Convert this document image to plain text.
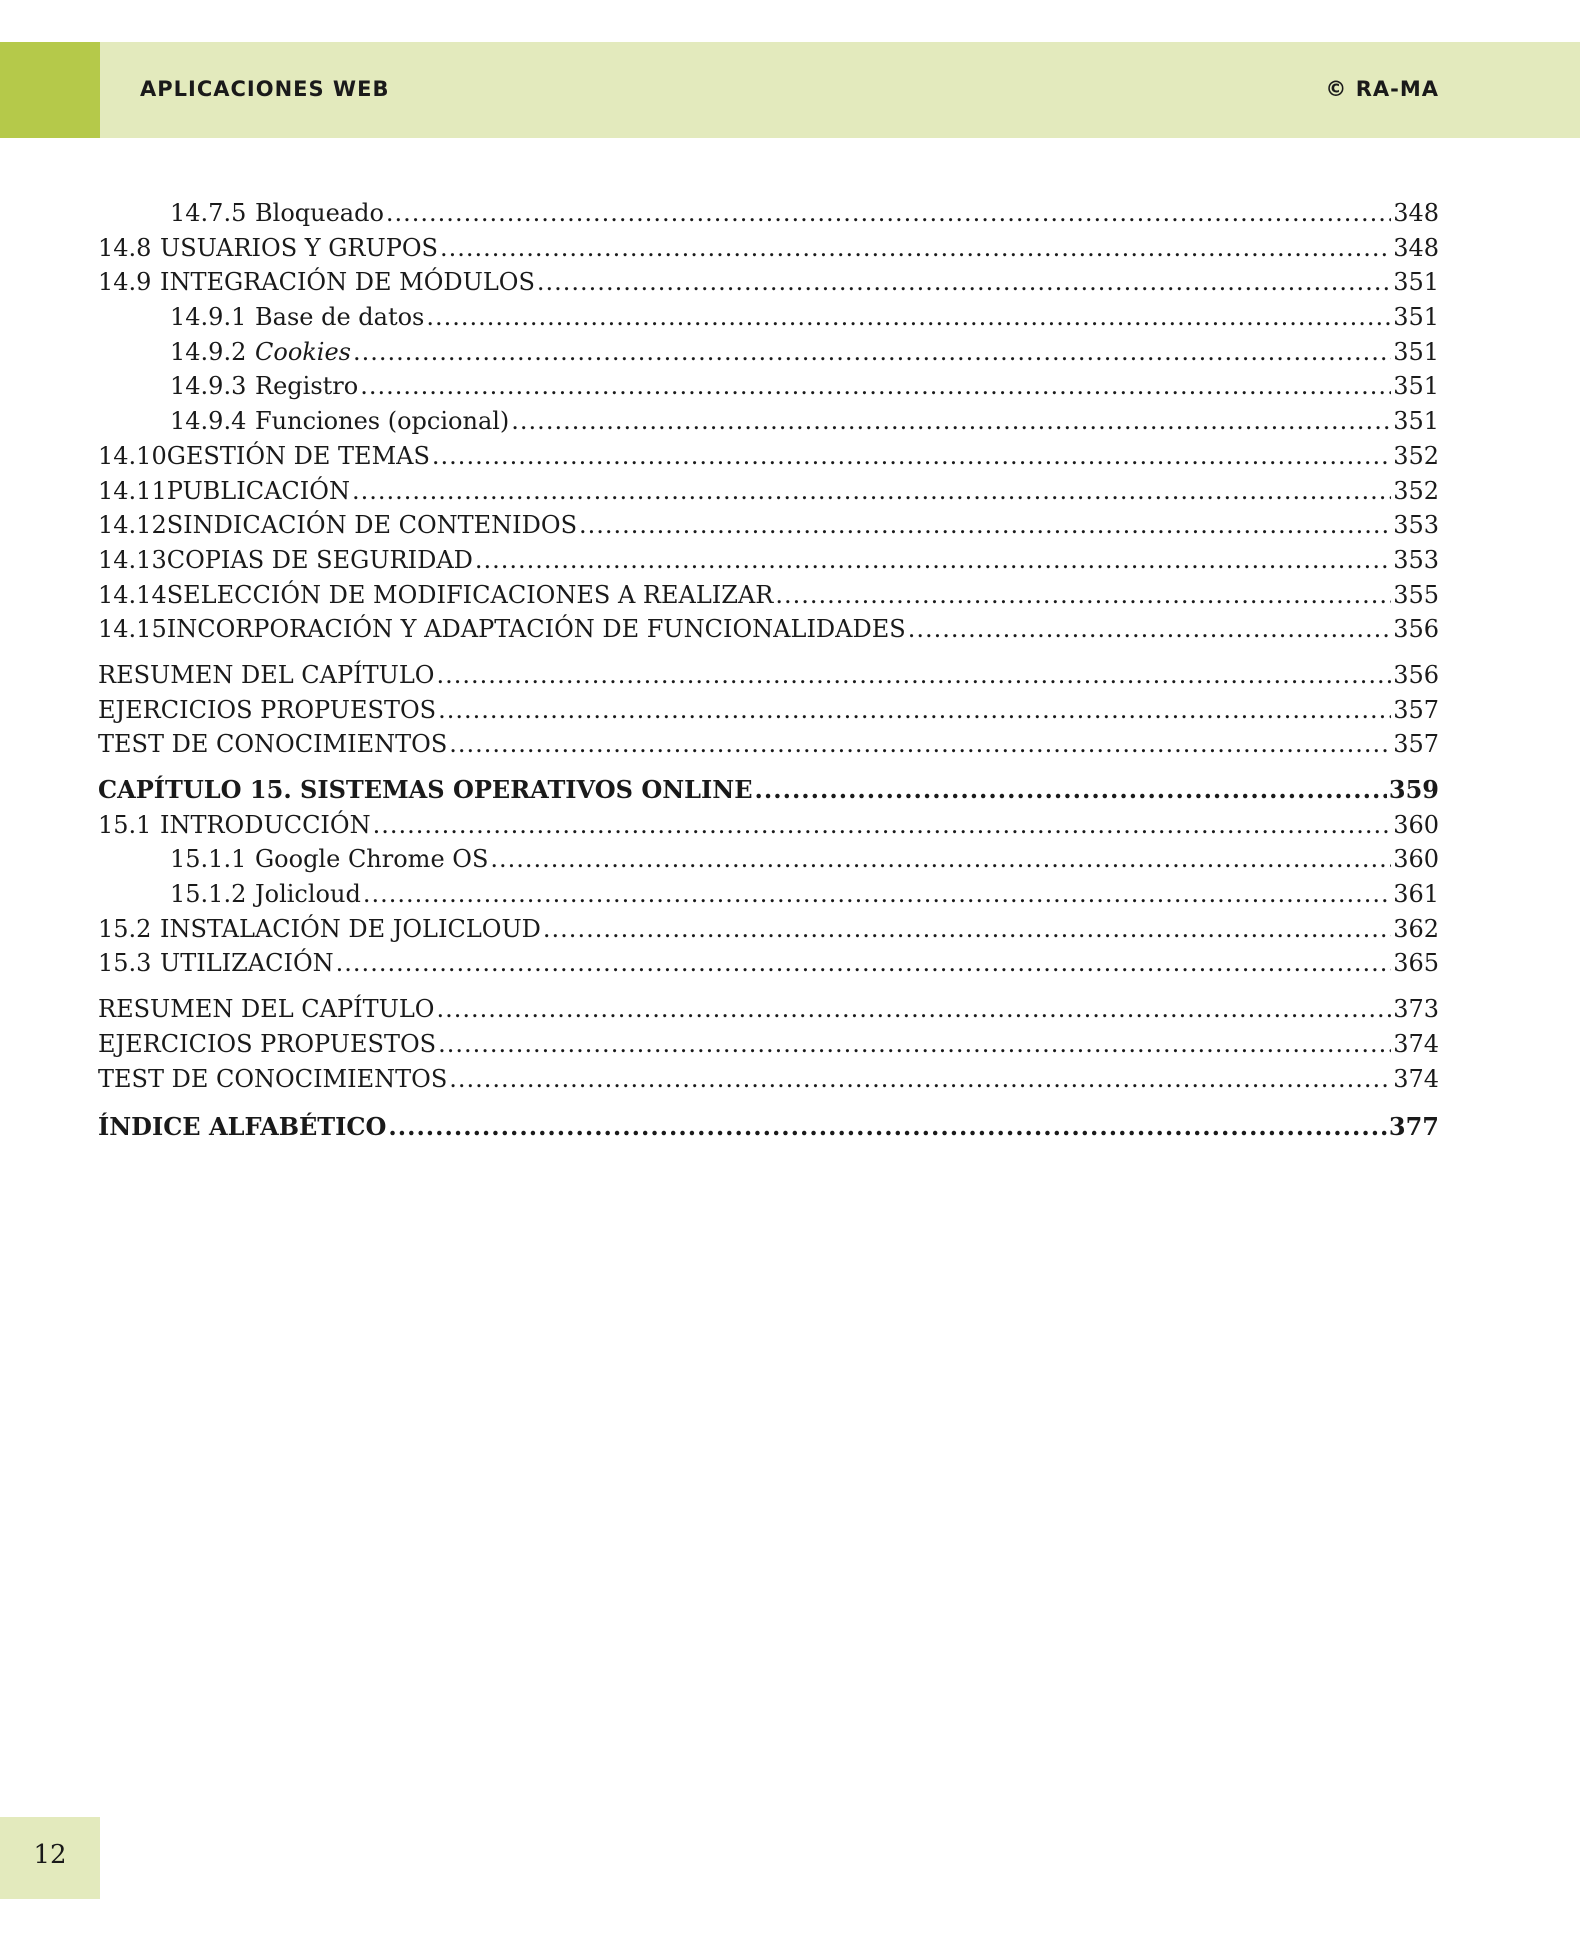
APLICACIONES WEB	© RA-MA
14.7.5 Bloqueado .....	348
14.8 USUARIOS Y GRUPOS .....	348
14.9 INTEGRACIÓN DE MÓDULOS .....	351
14.9.1 Base de datos .....	351
14.9.2 Cookies .....	351
14.9.3 Registro .....	351
14.9.4 Funciones (opcional) .....	351
14.10 GESTIÓN DE TEMAS .....	352
14.11 PUBLICACIÓN .....	352
14.12 SINDICACIÓN DE CONTENIDOS .....	353
14.13 COPIAS DE SEGURIDAD .....	353
14.14 SELECCIÓN DE MODIFICACIONES A REALIZAR .....	355
14.15 INCORPORACIÓN Y ADAPTACIÓN DE FUNCIONALIDADES .....	356
RESUMEN DEL CAPÍTULO .....	356
EJERCICIOS PROPUESTOS .....	357
TEST DE CONOCIMIENTOS .....	357
CAPÍTULO 15. SISTEMAS OPERATIVOS ONLINE .....	359
15.1 INTRODUCCIÓN .....	360
15.1.1 Google Chrome OS .....	360
15.1.2 Jolicloud .....	361
15.2 INSTALACIÓN DE JOLICLOUD .....	362
15.3 UTILIZACIÓN .....	365
RESUMEN DEL CAPÍTULO .....	373
EJERCICIOS PROPUESTOS .....	374
TEST DE CONOCIMIENTOS .....	374
ÍNDICE ALFABÉTICO .....	377
12
